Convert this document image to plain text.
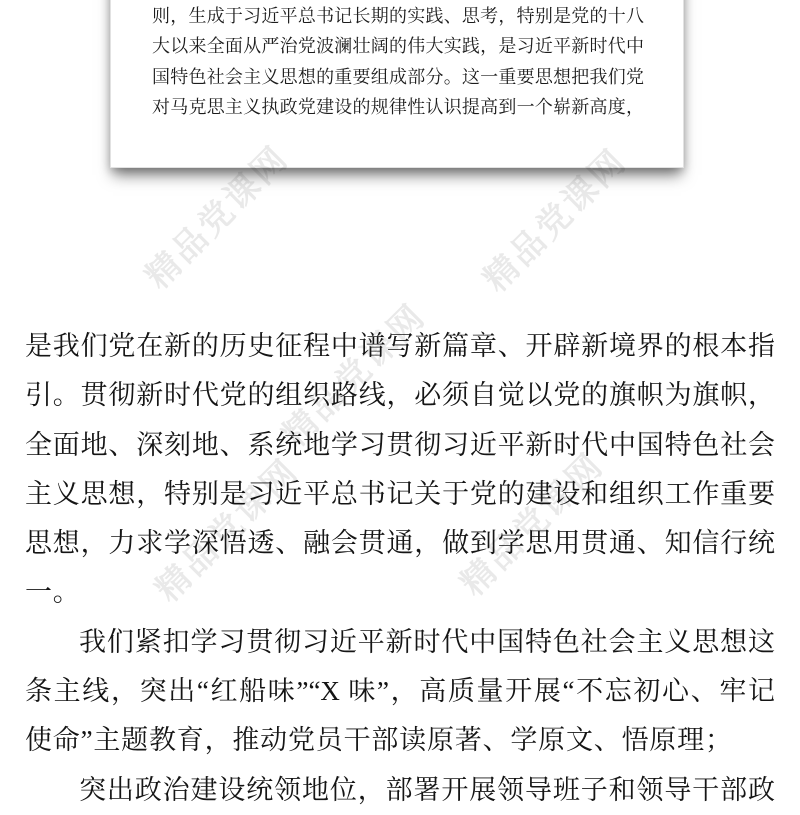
则，生成于习近平总书记长期的实践、思考，特别是党的十八
大以来全面从严治党波澜壮阔的伟大实践，是习近平新时代中
国特色社会主义思想的重要组成部分。这一重要思想把我们党
对马克思主义执政党建设的规律性认识提高到一个崭新高度，
是我们党在新的历史征程中谱写新篇章、开辟新境界的根本指
引。贯彻新时代党的组织路线，必须自觉以党的旗帜为旗帜，
全面地、深刻地、系统地学习贯彻习近平新时代中国特色社会
主义思想，特别是习近平总书记关于党的建设和组织工作重要
思想，力求学深悟透、融会贯通，做到学思用贯通、知信行统
一。
我们紧扣学习贯彻习近平新时代中国特色社会主义思想这
条主线，突出“红船味”“X 味”，高质量开展“不忘初心、牢记
使命”主题教育，推动党员干部读原著、学原文、悟原理；
突出政治建设统领地位，部署开展领导班子和领导干部政
精品党课网	精品党课网
精品党课网
精品党课网	精品党课网
